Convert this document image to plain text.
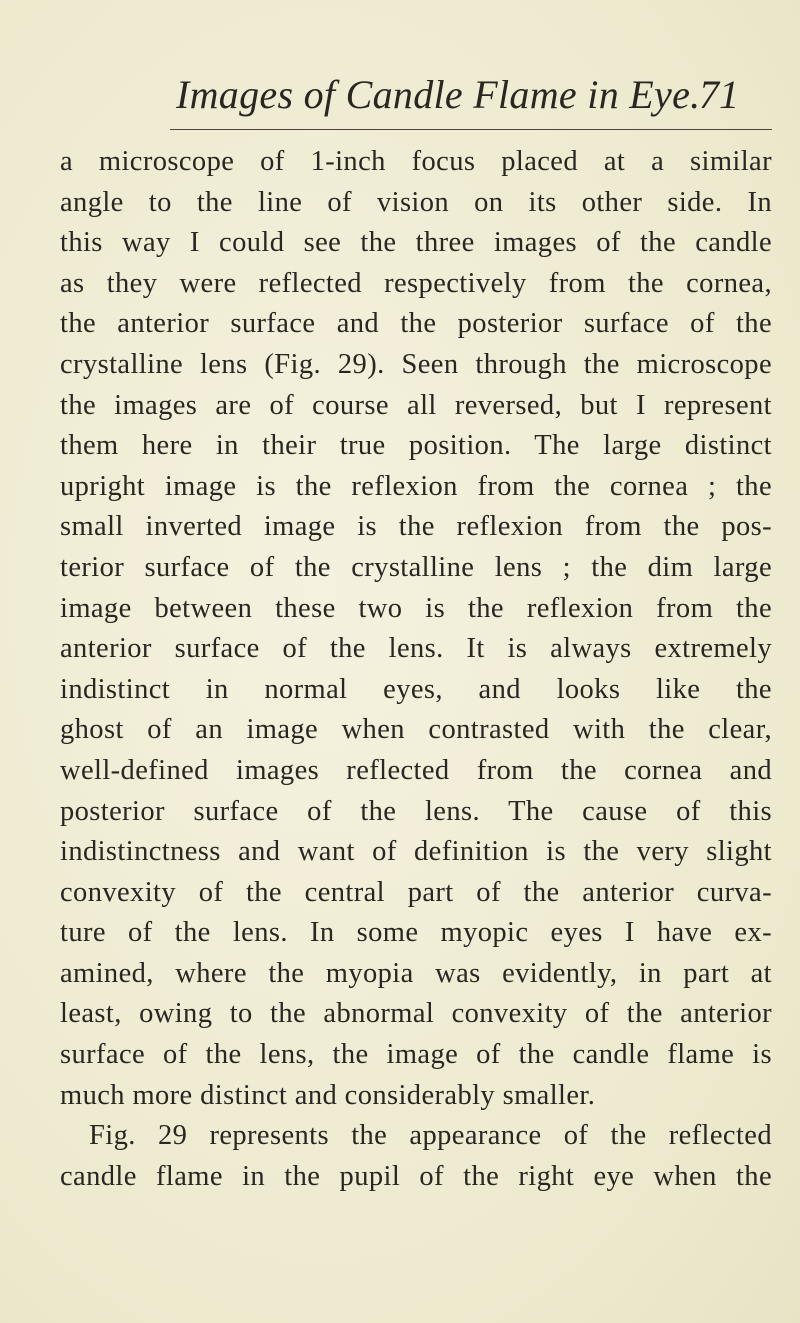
Images of Candle Flame in Eye.
71
a microscope of 1-inch focus placed at a similar
angle to the line of vision on its other side. In
this way I could see the three images of the candle
as they were reflected respectively from the cornea,
the anterior surface and the posterior surface of the
crystalline lens (Fig. 29). Seen through the microscope
the images are of course all reversed, but I represent
them here in their true position. The large distinct
upright image is the reflexion from the cornea ; the
small inverted image is the reflexion from the pos-
terior surface of the crystalline lens ; the dim large
image between these two is the reflexion from the
anterior surface of the lens. It is always extremely
indistinct in normal eyes, and looks like the
ghost of an image when contrasted with the clear,
well-defined images reflected from the cornea and
posterior surface of the lens. The cause of this
indistinctness and want of definition is the very slight
convexity of the central part of the anterior curva-
ture of the lens. In some myopic eyes I have ex-
amined, where the myopia was evidently, in part at
least, owing to the abnormal convexity of the anterior
surface of the lens, the image of the candle flame is
much more distinct and considerably smaller.
Fig. 29 represents the appearance of the reflected
candle flame in the pupil of the right eye when the
